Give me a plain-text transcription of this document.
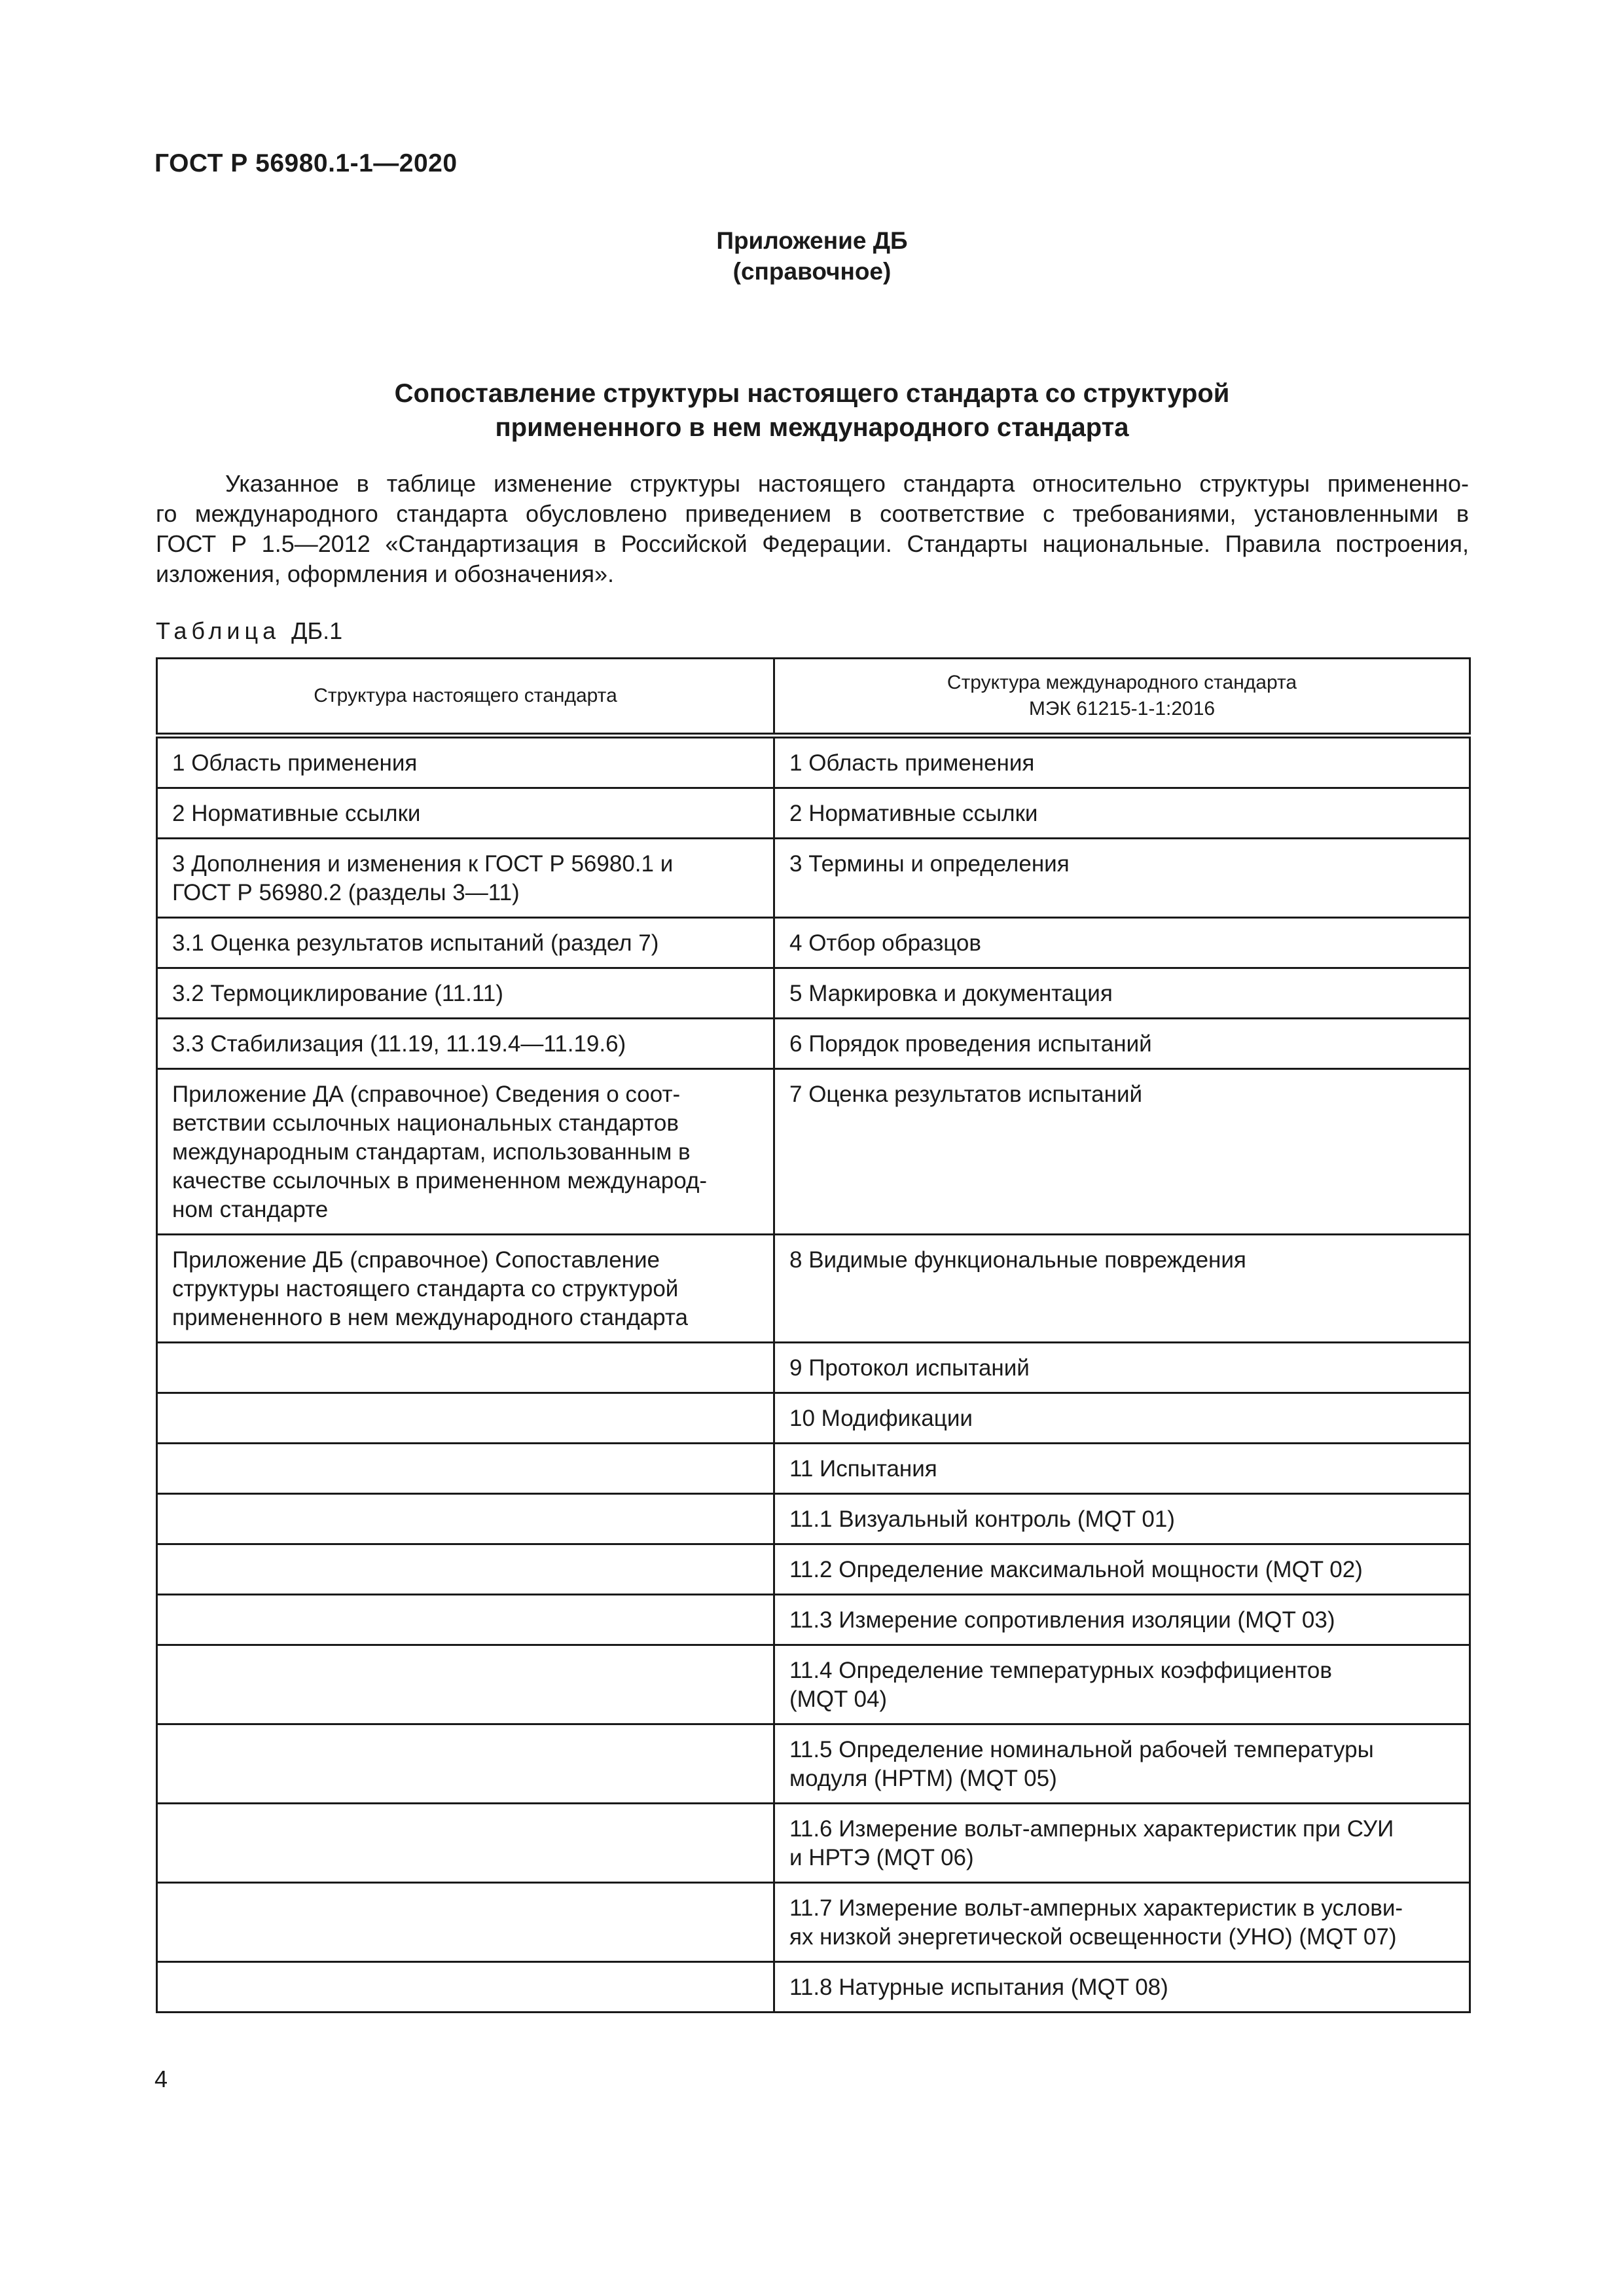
ГОСТ Р 56980.1-1—2020
Приложение ДБ
(справочное)
Сопоставление структуры настоящего стандарта со структурой
примененного в нем международного стандарта
Указанное в таблице изменение структуры настоящего стандарта относительно структуры примененно-
го международного стандарта обусловлено приведением в соответствие с требованиями, установленными в
ГОСТ Р 1.5—2012 «Стандартизация в Российской Федерации. Стандарты национальные. Правила построения,
изложения, оформления и обозначения».
Таблица ДБ.1
Структура настоящего стандарта	Структура международного стандарта
МЭК 61215-1-1:2016

1 Область применения	1 Область применения

2 Нормативные ссылки	2 Нормативные ссылки

3 Дополнения и изменения к ГОСТ Р 56980.1 и
ГОСТ Р 56980.2 (разделы 3—11)	3 Термины и определения

3.1 Оценка результатов испытаний (раздел 7)	4 Отбор образцов

3.2 Термоциклирование (11.11)	5 Маркировка и документация

3.3 Стабилизация (11.19, 11.19.4—11.19.6)	6 Порядок проведения испытаний

Приложение ДА (справочное) Сведения о соот-
ветствии ссылочных национальных стандартов
международным стандартам, использованным в
качестве ссылочных в примененном международ-
ном стандарте	7 Оценка результатов испытаний

Приложение ДБ (справочное) Сопоставление
структуры настоящего стандарта со структурой
примененного в нем международного стандарта	8 Видимые функциональные повреждения

	9 Протокол испытаний

	10 Модификации

	11 Испытания

	11.1 Визуальный контроль (MQT 01)

	11.2 Определение максимальной мощности (MQT 02)

	11.3 Измерение сопротивления изоляции (MQT 03)

	11.4 Определение температурных коэффициентов
(MQT 04)

	11.5 Определение номинальной рабочей температуры
модуля (НРТМ) (MQT 05)

	11.6 Измерение вольт-амперных характеристик при СУИ
и НРТЭ (MQT 06)

	11.7 Измерение вольт-амперных характеристик в услови-
ях низкой энергетической освещенности (УНО) (MQT 07)

	11.8 Натурные испытания (MQT 08)
4
